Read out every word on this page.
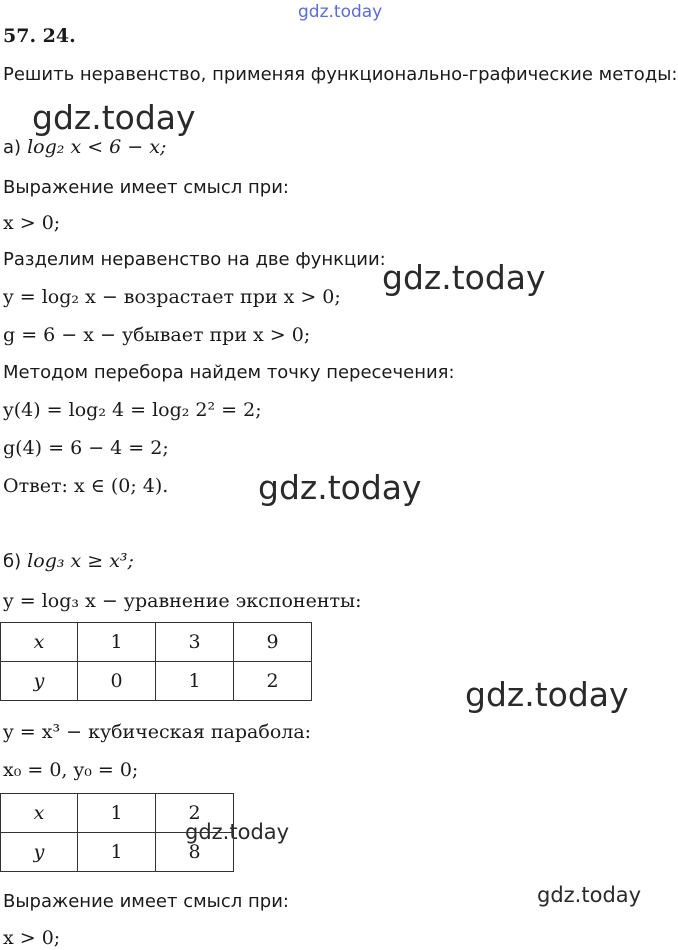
gdz.today
gdz.today
gdz.today
gdz.today
gdz.today
gdz.today
gdz.today
57. 24.
Решить неравенство, применяя функционально-графические методы:
а) log₂ x < 6 − x;
Выражение имеет смысл при:
x > 0;
Разделим неравенство на две функции:
y = log₂ x − возрастает при x > 0;
g = 6 − x − убывает при x > 0;
Методом перебора найдем точку пересечения:
y(4) = log₂ 4 = log₂ 2² = 2;
g(4) = 6 − 4 = 2;
Ответ: x ∈ (0; 4).
б) log₃ x ≥ x³;
y = log₃ x − уравнение экспоненты:
x	1	3	9
y	0	1	2
y = x³ − кубическая парабола:
x₀ = 0, y₀ = 0;
x	1	2
y	1	8
Выражение имеет смысл при:
x > 0;
